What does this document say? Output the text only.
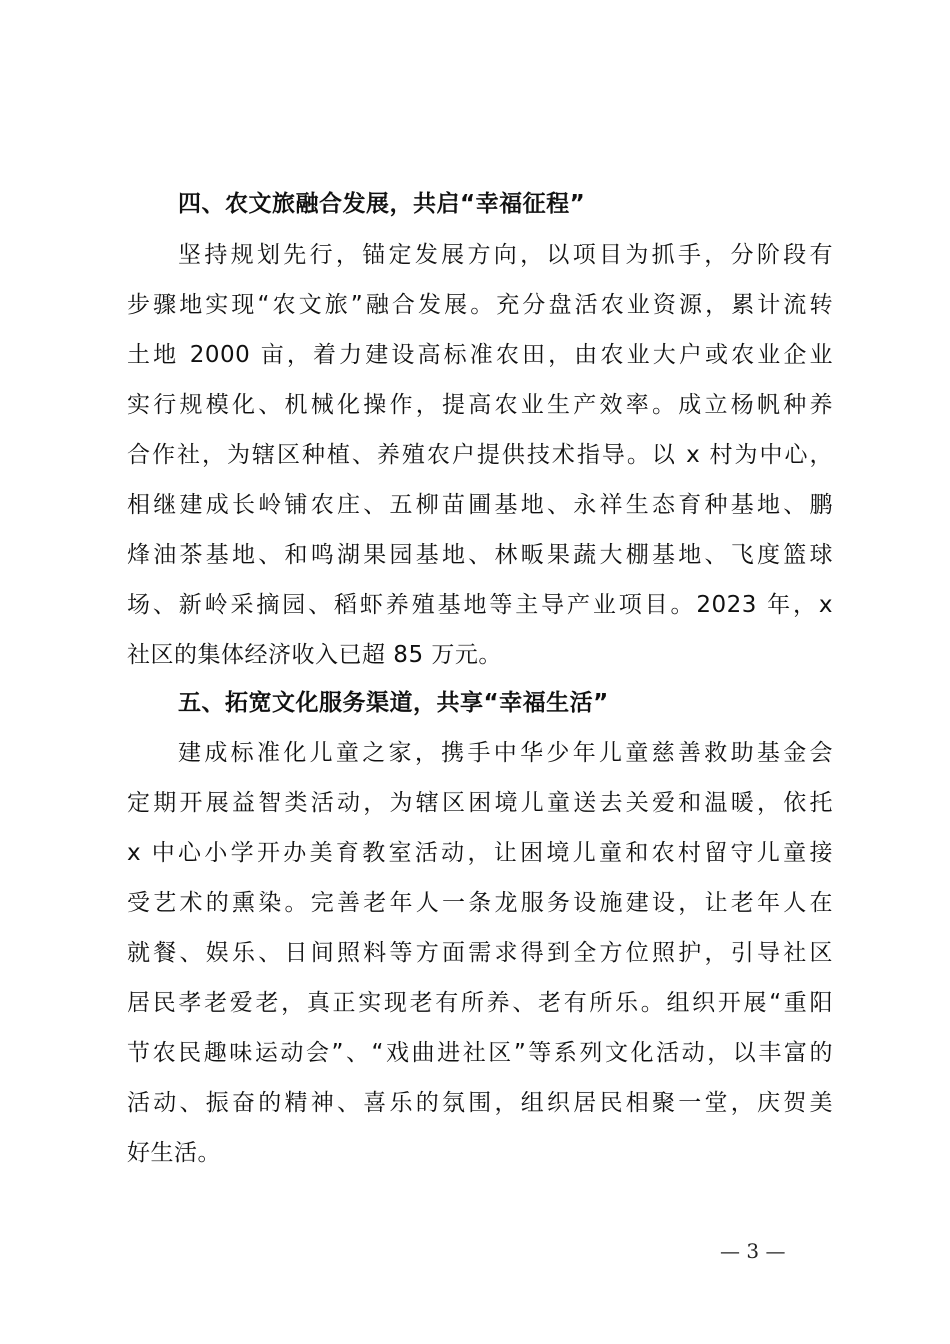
四、农文旅融合发展，共启“幸福征程”
坚持规划先行，锚定发展方向，以项目为抓手，分阶段有
步骤地实现“农文旅”融合发展。充分盘活农业资源，累计流转
土地 2000 亩，着力建设高标准农田，由农业大户或农业企业
实行规模化、机械化操作，提高农业生产效率。成立杨帆种养
合作社，为辖区种植、养殖农户提供技术指导。以 x 村为中心，
相继建成长岭铺农庄、五柳苗圃基地、永祥生态育种基地、鹏
烽油茶基地、和鸣湖果园基地、林畈果蔬大棚基地、飞度篮球
场、新岭采摘园、稻虾养殖基地等主导产业项目。2023 年，x
社区的集体经济收入已超 85 万元。
五、拓宽文化服务渠道，共享“幸福生活”
建成标准化儿童之家，携手中华少年儿童慈善救助基金会
定期开展益智类活动，为辖区困境儿童送去关爱和温暖，依托
x 中心小学开办美育教室活动，让困境儿童和农村留守儿童接
受艺术的熏染。完善老年人一条龙服务设施建设，让老年人在
就餐、娱乐、日间照料等方面需求得到全方位照护，引导社区
居民孝老爱老，真正实现老有所养、老有所乐。组织开展“重阳
节农民趣味运动会”、“戏曲进社区”等系列文化活动，以丰富的
活动、振奋的精神、喜乐的氛围，组织居民相聚一堂，庆贺美
好生活。
— 3 —
